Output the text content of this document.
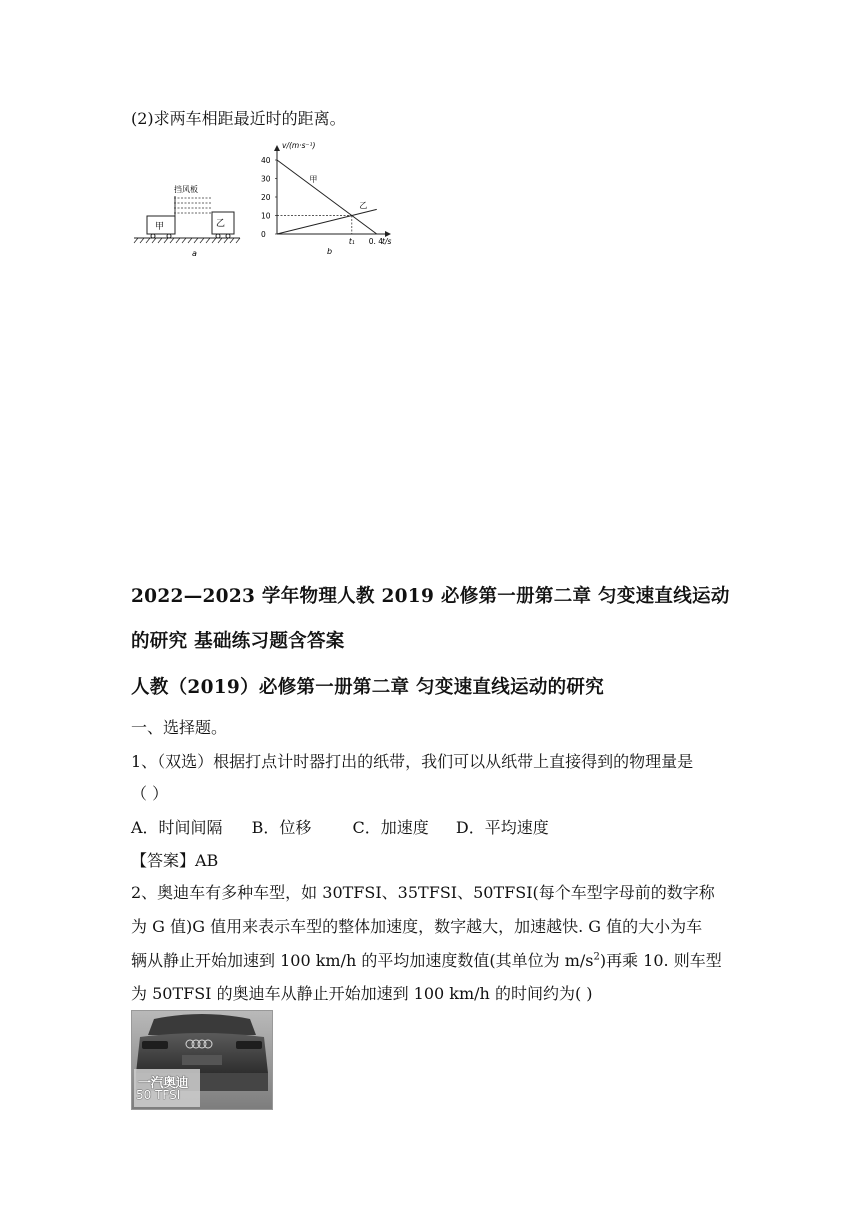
(2)求两车相距最近时的距离。
挡风板
甲	乙
a
v/(m·s⁻¹)
t/s
40
30
20
10
0
甲
乙
t₁ 0. 4
b
2022—2023 学年物理人教 2019 必修第一册第二章 匀变速直线运动
的研究 基础练习题含答案
人教（2019）必修第一册第二章 匀变速直线运动的研究
一、选择题。
1、（双选）根据打点计时器打出的纸带，我们可以从纸带上直接得到的物理量是
（ ）
A．时间间隔 B．位移	C．加速度 D．平均速度
【答案】AB
2、奥迪车有多种车型，如 30TFSI、35TFSI、50TFSI(每个车型字母前的数字称
为 G 值)G 值用来表示车型的整体加速度，数字越大，加速越快. G 值的大小为车
辆从静止开始加速到 100 km/h 的平均加速度数值(其单位为 $m/s^2$)再乘 10. 则车型
为 50TFSI 的奥迪车从静止开始加速到 100 km/h 的时间约为( )
一汽奥迪
50 TFSI
